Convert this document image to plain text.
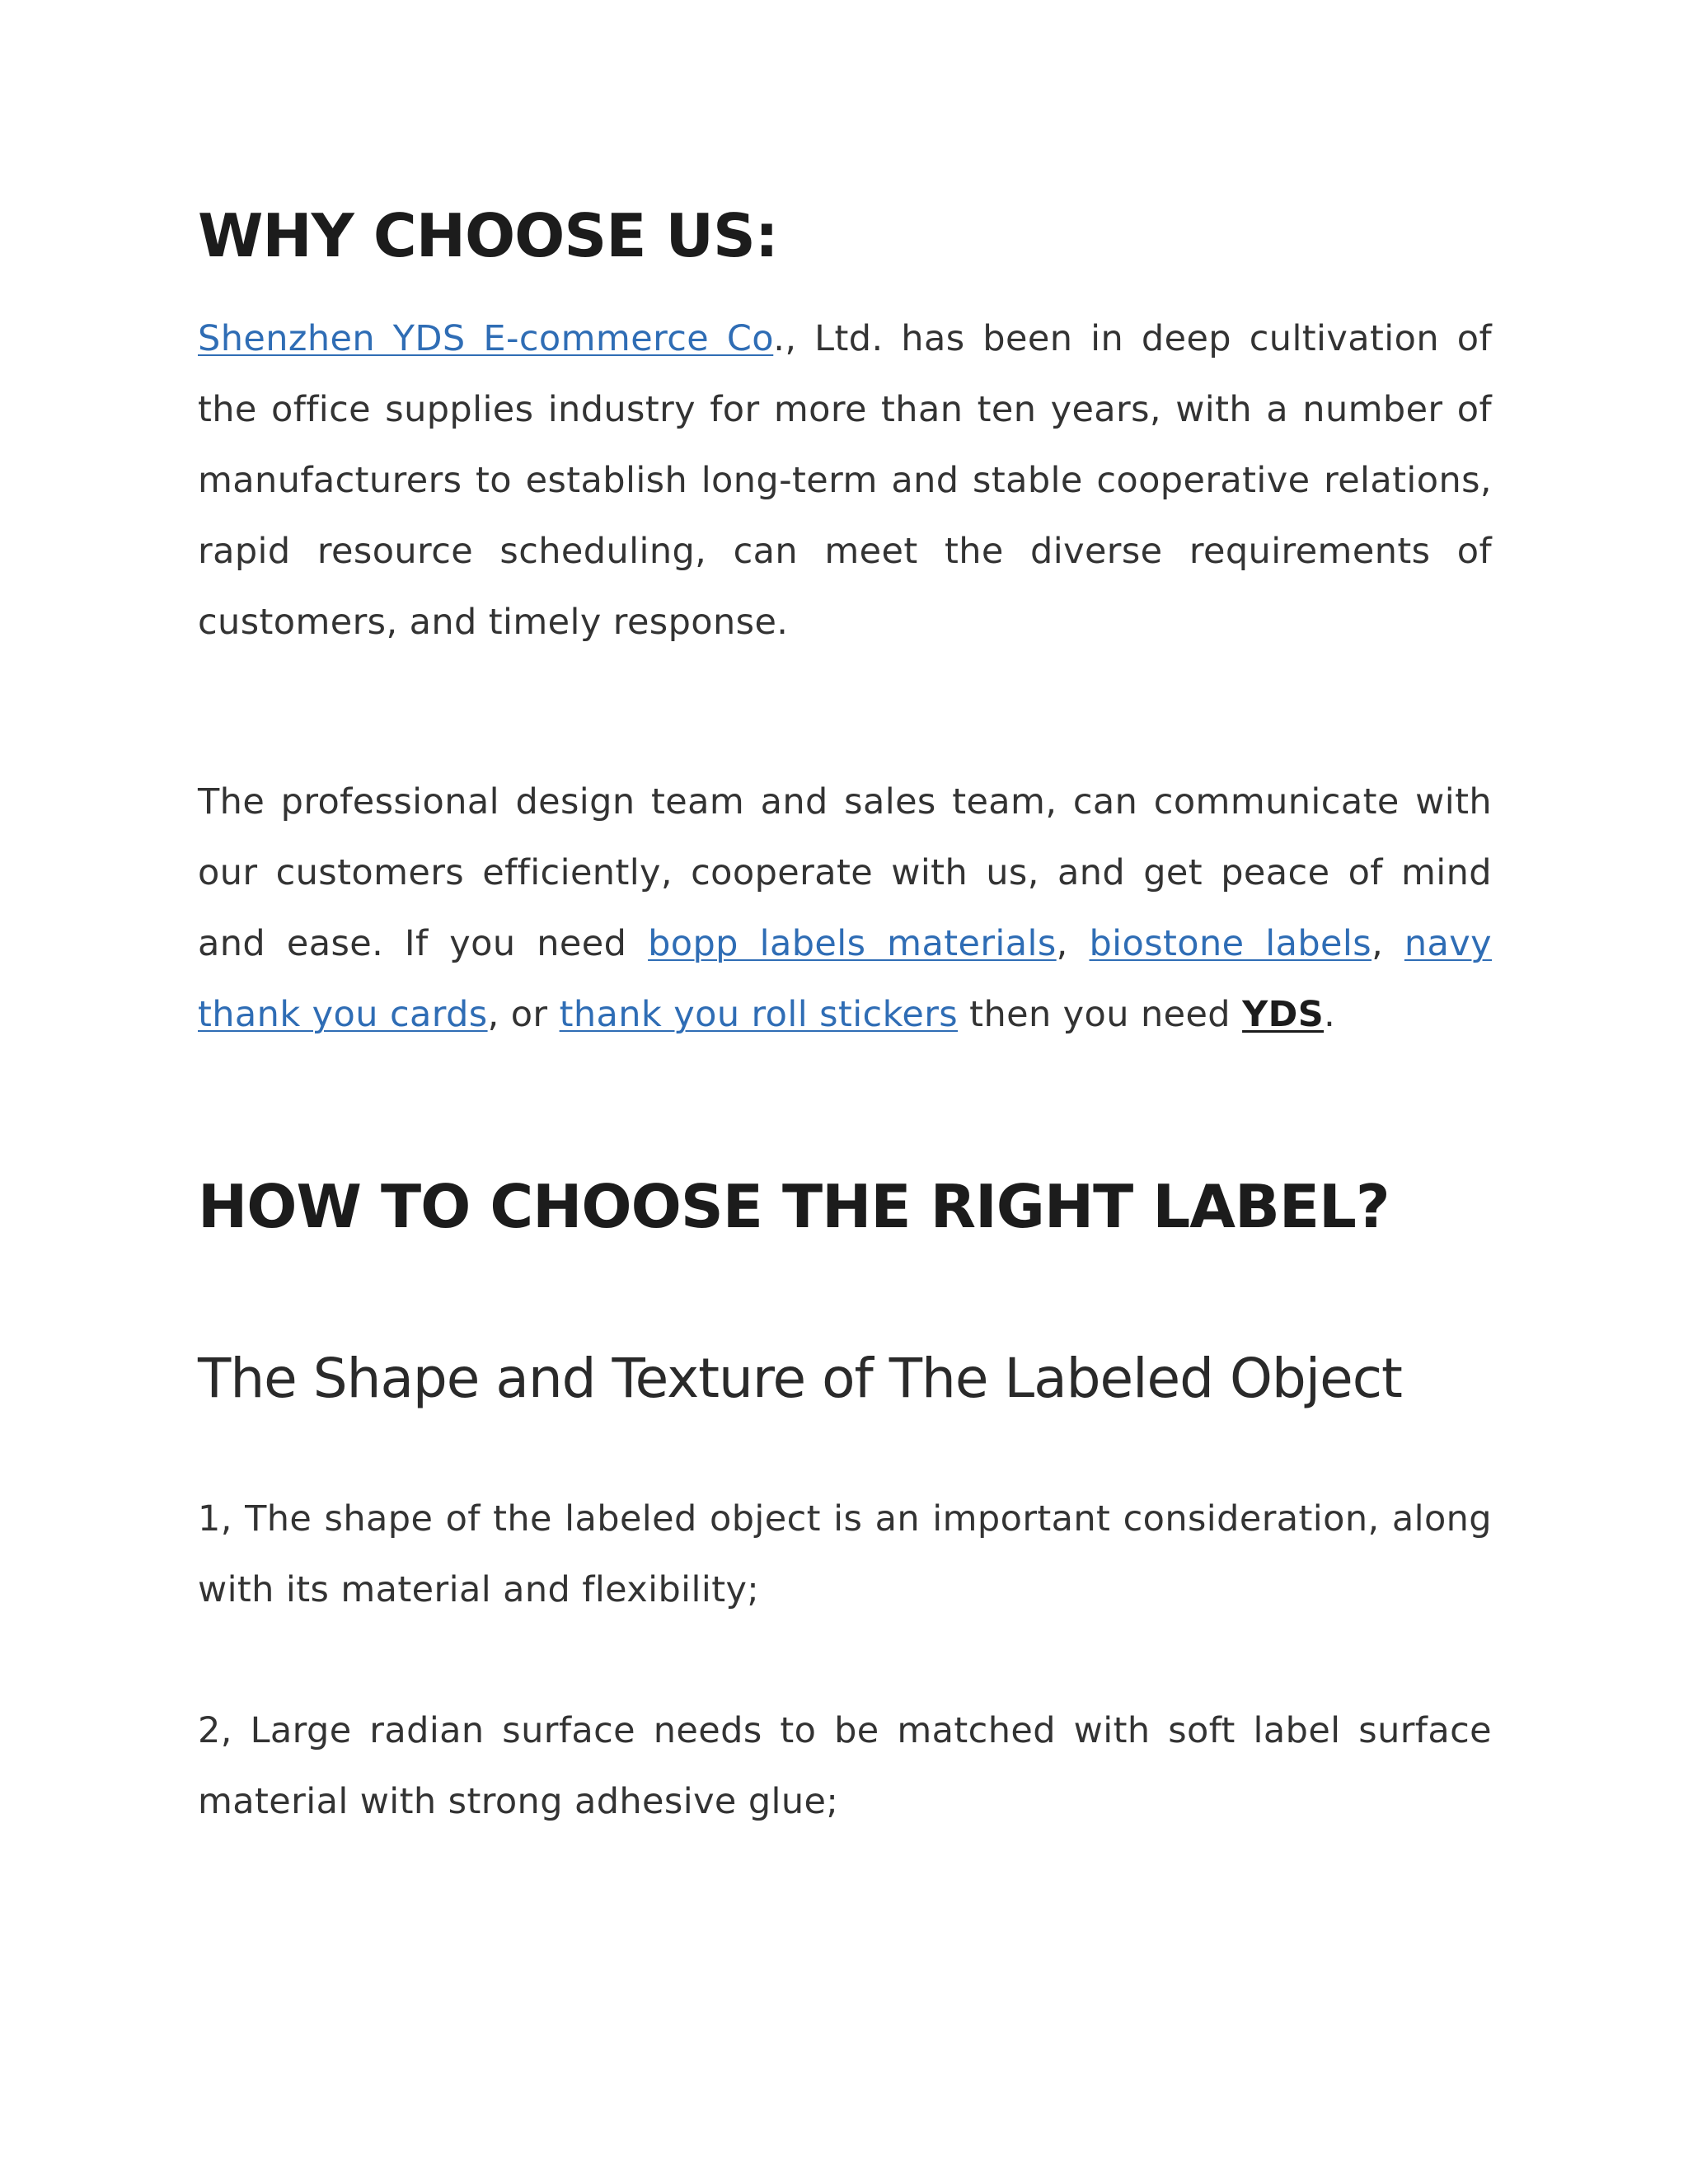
WHY CHOOSE US:

Shenzhen YDS E-commerce Co., Ltd. has been in deep cultivation of the office supplies industry for more than ten years, with a number of manufacturers to establish long-term and stable cooperative relations, rapid resource scheduling, can meet the diverse requirements of customers, and timely response.

The professional design team and sales team, can communicate with our customers efficiently, cooperate with us, and get peace of mind and ease. If you need bopp labels materials, biostone labels, navy thank you cards, or thank you roll stickers then you need YDS.

HOW TO CHOOSE THE RIGHT LABEL?
The Shape and Texture of The Labeled Object

1, The shape of the labeled object is an important consideration, along with its material and flexibility;

2, Large radian surface needs to be matched with soft label surface material with strong adhesive glue;
